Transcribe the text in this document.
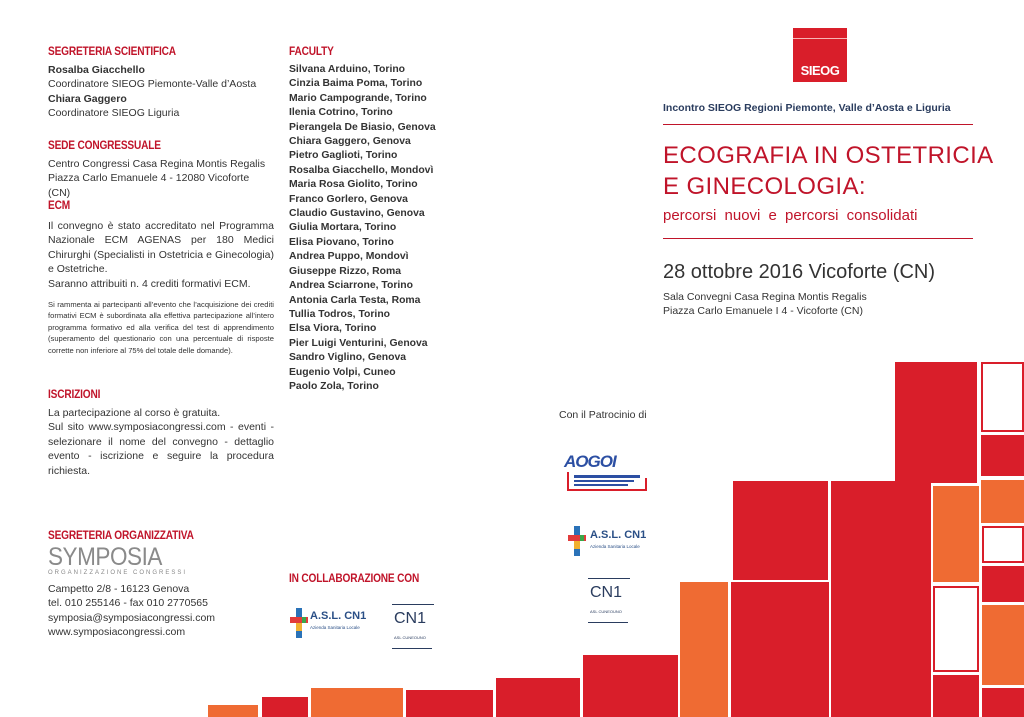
SEGRETERIA SCIENTIFICA
Rosalba Giacchello
Coordinatore SIEOG Piemonte-Valle d’Aosta
Chiara Gaggero
Coordinatore SIEOG Liguria
SEDE CONGRESSUALE
Centro Congressi Casa Regina Montis Regalis
Piazza Carlo Emanuele 4 - 12080 Vicoforte (CN)
ECM
Il convegno è stato accreditato nel Programma Nazionale ECM AGENAS per 180 Medici Chirurghi (Specialisti in Ostetricia e Ginecologia) e Ostetriche.
Saranno attribuiti n. 4 crediti formativi ECM.
Si rammenta ai partecipanti all’evento che l’acquisizione dei crediti formativi ECM è subordinata alla effettiva partecipazione all’intero programma formativo ed alla verifica del test di apprendimento (superamento del questionario con una percentuale di risposte corrette non inferiore al 75% del totale delle domande).
ISCRIZIONI
La partecipazione al corso è gratuita.
Sul sito www.symposiacongressi.com - eventi - selezionare il nome del convegno - dettaglio evento - iscrizione e seguire la procedura richiesta.
SEGRETERIA ORGANIZZATIVA
SYMPOSIA
ORGANIZZAZIONE CONGRESSI
Campetto 2/8 - 16123 Genova
tel. 010 255146 - fax 010 2770565
symposia@symposiacongressi.com
www.symposiacongressi.com
FACULTY
Silvana Arduino, Torino
Cinzia Baima Poma, Torino
Mario Campogrande, Torino
Ilenia Cotrino, Torino
Pierangela De Biasio, Genova
Chiara Gaggero, Genova
Pietro Gaglioti, Torino
Rosalba Giacchello, Mondovì
Maria Rosa Giolito, Torino
Franco Gorlero, Genova
Claudio Gustavino, Genova
Giulia Mortara, Torino
Elisa Piovano, Torino
Andrea Puppo, Mondovì
Giuseppe Rizzo, Roma
Andrea Sciarrone, Torino
Antonia Carla Testa, Roma
Tullia Todros, Torino
Elsa Viora, Torino
Pier Luigi Venturini, Genova
Sandro Viglino, Genova
Eugenio Volpi, Cuneo
Paolo Zola, Torino
IN COLLABORAZIONE CON
A.S.L. CN1
Azienda Sanitaria Locale
CN1
ASL CUNEOUNO
SIEOG
Incontro SIEOG Regioni Piemonte, Valle d’Aosta e Liguria
ECOGRAFIA IN OSTETRICIA
E GINECOLOGIA:
percorsi nuovi e percorsi consolidati
28 ottobre 2016 Vicoforte (CN)
Sala Convegni Casa Regina Montis Regalis
Piazza Carlo Emanuele I 4 - Vicoforte (CN)
Con il Patrocinio di
AOGOI
A.S.L. CN1
Azienda Sanitaria Locale
CN1
ASL CUNEOUNO
